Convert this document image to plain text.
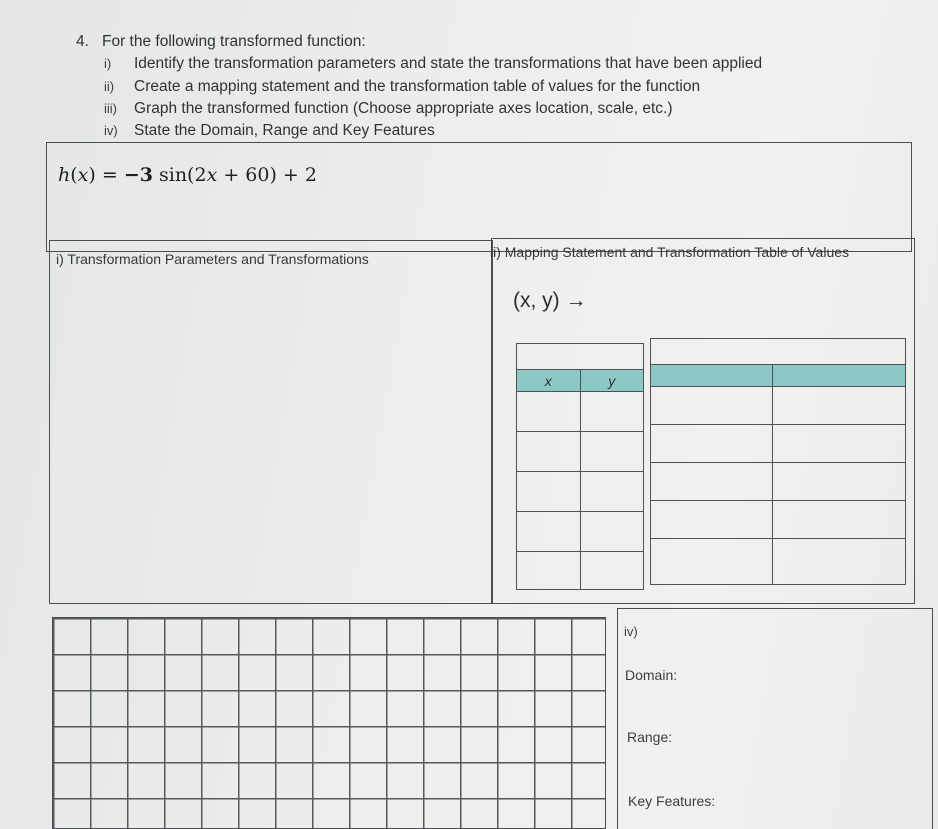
4. For the following transformed function:
i) Identify the transformation parameters and state the transformations that have been applied
ii) Create a mapping statement and the transformation table of values for the function
iii) Graph the transformed function (Choose appropriate axes location, scale, etc.)
iv) State the Domain, Range and Key Features
h(x) = −3 sin(2x + 60) + 2
i) Transformation Parameters and Transformations	ii) Mapping Statement and Transformation Table of Values
(x, y) →

x	y

iv)
Domain:
Range:
Key Features:
